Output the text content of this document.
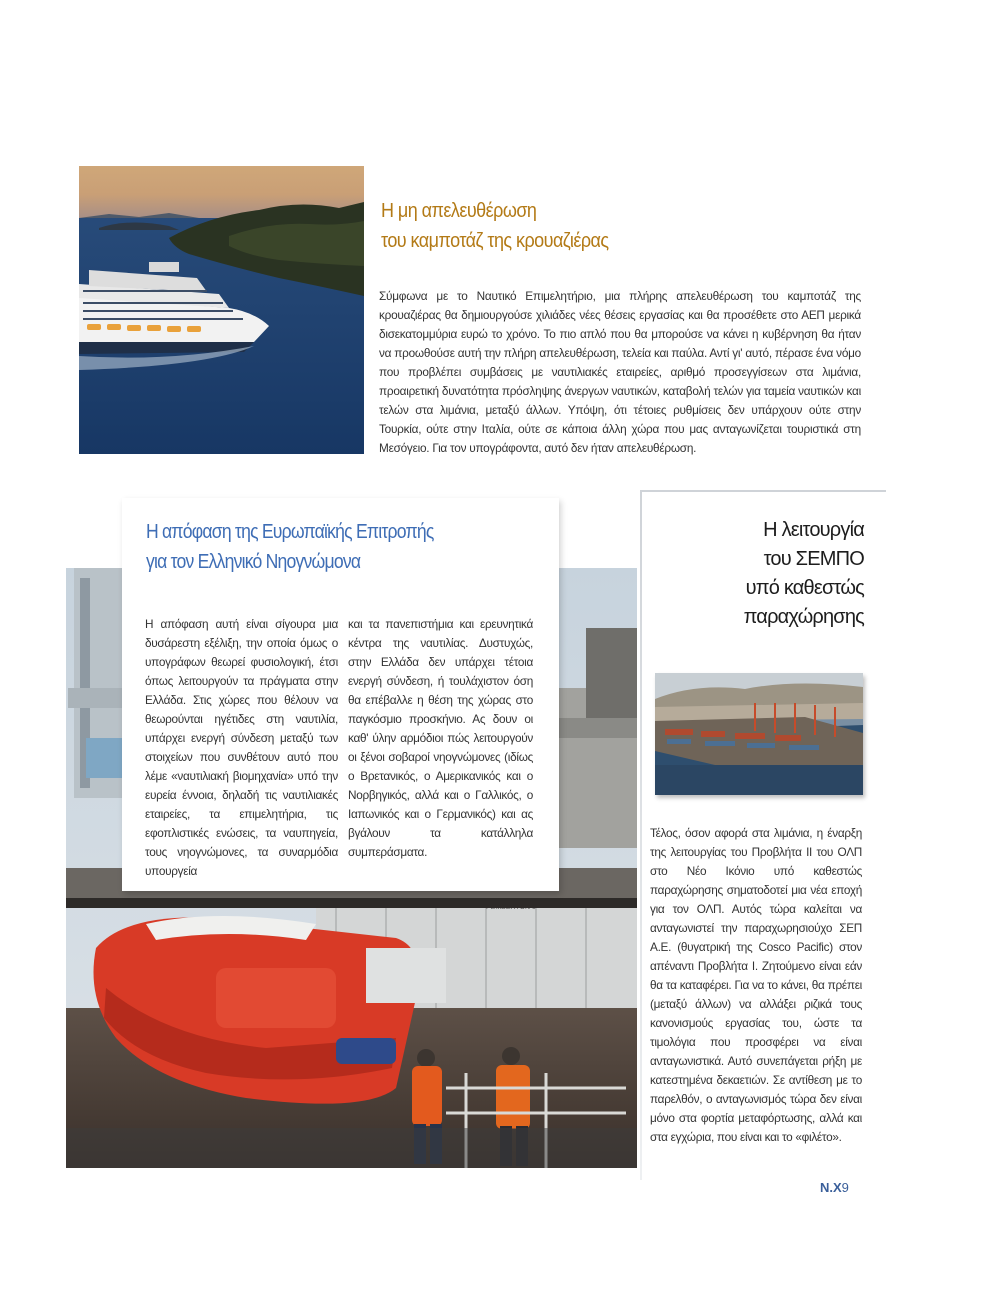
Η μη απελευθέρωση
του καμποτάζ της κρουαζιέρας
Σύμφωνα με το Ναυτικό Επιμελητήριο, μια πλήρης απελευθέρωση του καμποτάζ της κρουαζιέρας θα δημιουργούσε χιλιάδες νέες θέσεις εργασίας και θα προσέθετε στο ΑΕΠ μερικά δισεκατομμύρια ευρώ το χρόνο. Το πιο απλό που θα μπορούσε να κάνει η κυβέρνηση θα ήταν να προωθούσε αυτή την πλήρη απελευθέρωση, τελεία και παύλα. Αντί γι' αυτό, πέρασε ένα νόμο που προβλέπει συμβάσεις με ναυτιλιακές εταιρείες, αριθμό προσεγγίσεων στα λιμάνια, προαιρετική δυνατότητα πρόσληψης άνεργων ναυτικών, καταβολή τελών για ταμεία ναυτικών και τελών στα λιμάνια, μεταξύ άλλων. Υπόψη, ότι τέτοιες ρυθμίσεις δεν υπάρχουν ούτε στην Τουρκία, ούτε στην Ιταλία, ούτε σε κάποια άλλη χώρα που μας ανταγωνίζεται τουριστικά στη Μεσόγειο. Για τον υπογράφοντα, αυτό δεν ήταν απελευθέρωση.
Η απόφαση της Ευρωπαϊκής Επιτροπής
για τον Ελληνικό Νηογνώμονα
Η απόφαση αυτή είναι σίγουρα μια δυσάρεστη εξέλιξη, την οποία όμως ο υπογράφων θεωρεί φυσιολογική, έτσι όπως λειτουργούν τα πράγματα στην Ελλάδα. Στις χώρες που θέλουν να θεωρούνται ηγέτιδες στη ναυτιλία, υπάρχει ενεργή σύνδεση μεταξύ των στοιχείων που συνθέτουν αυτό που λέμε «ναυτιλιακή βιομηχανία» υπό την ευρεία έννοια, δηλαδή τις ναυτιλιακές εταιρείες, τα επιμελητήρια, τις εφοπλιστικές ενώσεις, τα ναυπηγεία, τους νηογνώμονες, τα συναρμόδια υπουργεία
και τα πανεπιστήμια και ερευνητικά κέντρα της ναυτιλίας. Δυστυχώς, στην Ελλάδα δεν υπάρχει τέτοια ενεργή σύνδεση, ή τουλάχιστον όση θα επέβαλλε η θέση της χώρας στο παγκόσμιο προσκήνιο. Ας δουν οι καθ' ύλην αρμόδιοι πώς λειτουργούν οι ξένοι σοβαροί νηογνώμονες (ιδίως ο Βρετανικός, ο Αμερικανικός και ο Νορβηγικός, αλλά και ο Γαλλικός, ο Ιαπωνικός και ο Γερμανικός) και ας βγάλουν τα κατάλληλα συμπεράσματα.
Η λειτουργία
του ΣΕΜΠΟ
υπό καθεστώς
παραχώρησης
Τέλος, όσον αφορά στα λιμάνια, η έναρξη της λειτουργίας του Προβλήτα ΙΙ του ΟΛΠ στο Νέο Ικόνιο υπό καθεστώς παραχώρησης σηματοδοτεί μια νέα εποχή για τον ΟΛΠ. Αυτός τώρα καλείται να ανταγωνιστεί την παραχωρησιούχο ΣΕΠ Α.Ε. (θυγατρική της Cosco Pacific) στον απέναντι Προβλήτα Ι. Ζητούμενο είναι εάν θα τα καταφέρει. Για να το κάνει, θα πρέπει (μεταξύ άλλων) να αλλάξει ριζικά τους κανονισμούς εργασίας του, ώστε τα τιμολόγια που προσφέρει να είναι ανταγωνιστικά. Αυτό συνεπάγεται ρήξη με κατεστημένα δεκαετιών. Σε αντίθεση με το παρελθόν, ο ανταγωνισμός τώρα δεν είναι μόνο στα φορτία μεταφόρτωσης, αλλά και στα εγχώρια, που είναι και το «φιλέτο».
Ν.Χ9
